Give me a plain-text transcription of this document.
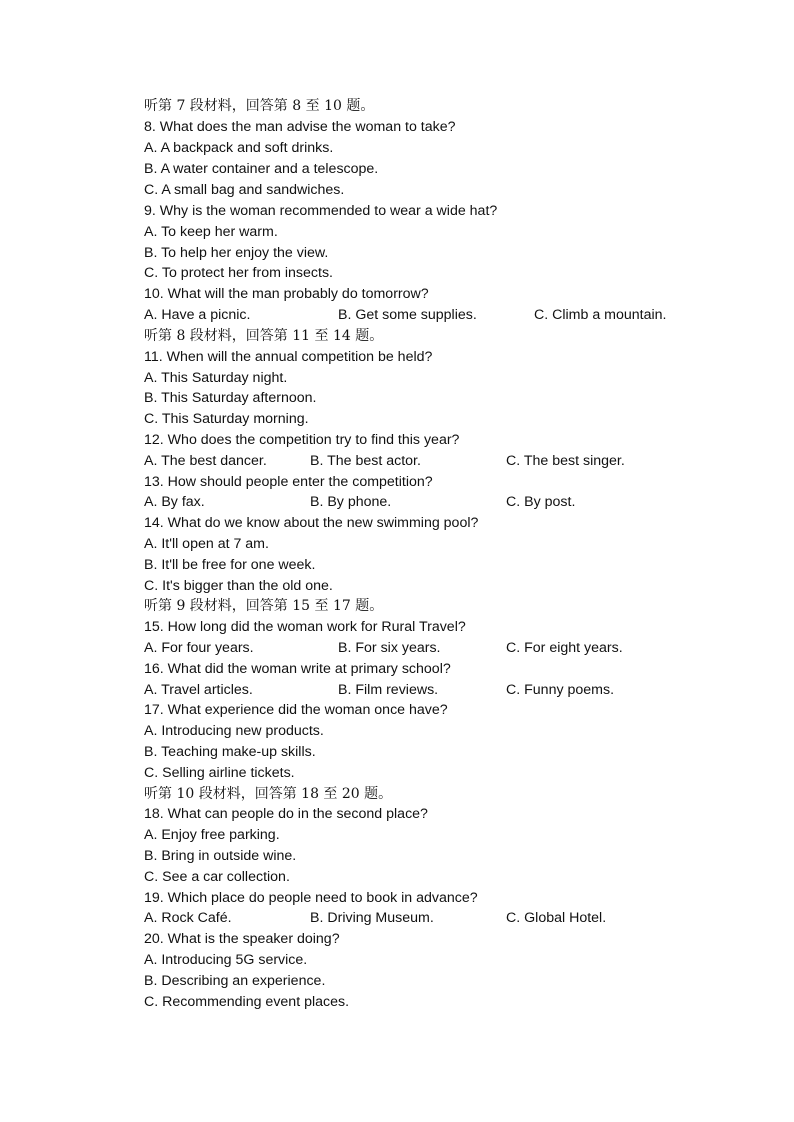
听第 7 段材料，回答第 8 至 10 题。
8. What does the man advise the woman to take?
A. A backpack and soft drinks.
B. A water container and a telescope.
C. A small bag and sandwiches.
9. Why is the woman recommended to wear a wide hat?
A. To keep her warm.
B. To help her enjoy the view.
C. To protect her from insects.
10. What will the man probably do tomorrow?
A. Have a picnic.	B. Get some supplies.	C. Climb a mountain.
听第 8 段材料，回答第 11 至 14 题。
11. When will the annual competition be held?
A. This Saturday night.
B. This Saturday afternoon.
C. This Saturday morning.
12. Who does the competition try to find this year?
A. The best dancer.	B. The best actor.	C. The best singer.
13. How should people enter the competition?
A. By fax.	B. By phone.	C. By post.
14. What do we know about the new swimming pool?
A. It'll open at 7 am.
B. It'll be free for one week.
C. It's bigger than the old one.
听第 9 段材料，回答第 15 至 17 题。
15. How long did the woman work for Rural Travel?
A. For four years.	B. For six years.	C. For eight years.
16. What did the woman write at primary school?
A. Travel articles.	B. Film reviews.	C. Funny poems.
17. What experience did the woman once have?
A. Introducing new products.
B. Teaching make-up skills.
C. Selling airline tickets.
听第 10 段材料，回答第 18 至 20 题。
18. What can people do in the second place?
A. Enjoy free parking.
B. Bring in outside wine.
C. See a car collection.
19. Which place do people need to book in advance?
A. Rock Café.	B. Driving Museum.	C. Global Hotel.
20. What is the speaker doing?
A. Introducing 5G service.
B. Describing an experience.
C. Recommending event places.
